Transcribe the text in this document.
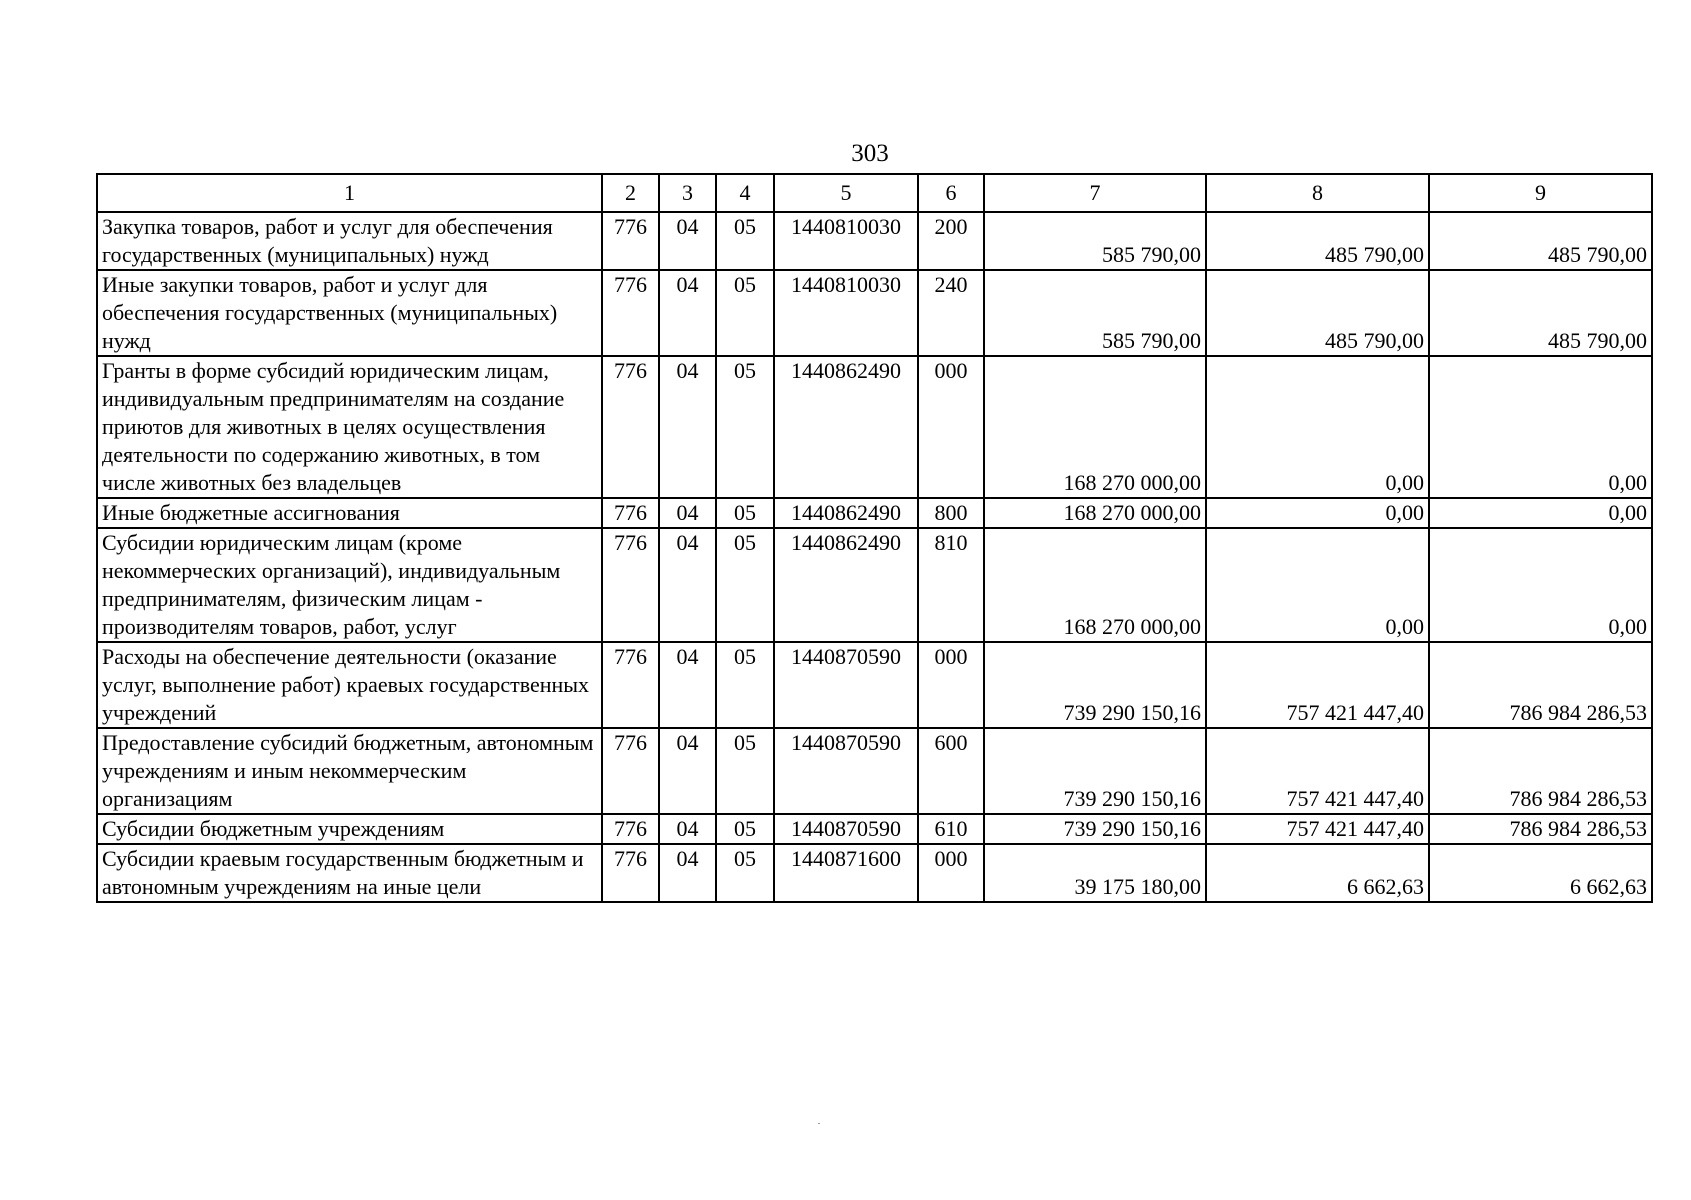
303
1	2	3	4	5	6	7	8	9
Закупка товаров, работ и услуг для обеспечения государственных (муниципальных) нужд	776	04	05	1440810030	200	585 790,00	485 790,00	485 790,00
Иные закупки товаров, работ и услуг для обеспечения государственных (муниципальных) нужд	776	04	05	1440810030	240	585 790,00	485 790,00	485 790,00
Гранты в форме субсидий юридическим лицам, индивидуальным предпринимателям на создание приютов для животных в целях осуществления деятельности по содержанию животных, в том числе животных без владельцев	776	04	05	1440862490	000	168 270 000,00	0,00	0,00
Иные бюджетные ассигнования	776	04	05	1440862490	800	168 270 000,00	0,00	0,00
Субсидии юридическим лицам (кроме некоммерческих организаций), индивидуальным предпринимателям, физическим лицам - производителям товаров, работ, услуг	776	04	05	1440862490	810	168 270 000,00	0,00	0,00
Расходы на обеспечение деятельности (оказание услуг, выполнение работ) краевых государственных учреждений	776	04	05	1440870590	000	739 290 150,16	757 421 447,40	786 984 286,53
Предоставление субсидий бюджетным, автономным учреждениям и иным некоммерческим организациям	776	04	05	1440870590	600	739 290 150,16	757 421 447,40	786 984 286,53
Субсидии бюджетным учреждениям	776	04	05	1440870590	610	739 290 150,16	757 421 447,40	786 984 286,53
Субсидии краевым государственным бюджетным и автономным учреждениям на иные цели	776	04	05	1440871600	000	39 175 180,00	6 662,63	6 662,63
